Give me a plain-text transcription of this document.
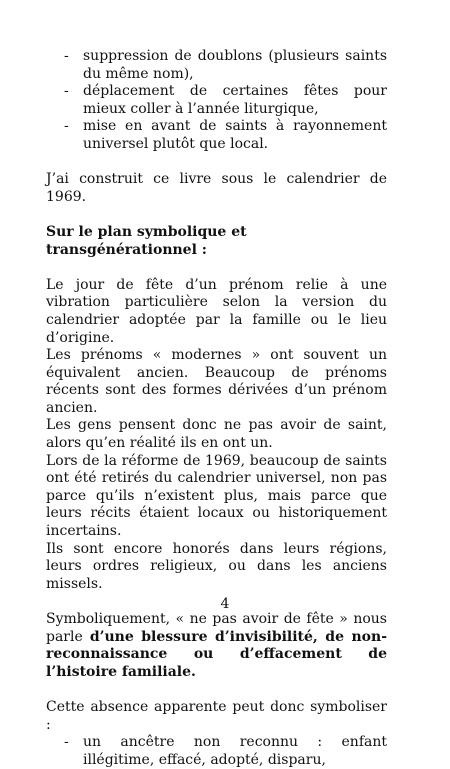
- suppression de doublons (plusieurs saints du même nom),
- déplacement de certaines fêtes pour mieux coller à l’année liturgique,
- mise en avant de saints à rayonnement universel plutôt que local.

J’ai construit ce livre sous le calendrier de 1969.

Sur le plan symbolique et transgénérationnel :

Le jour de fête d’un prénom relie à une vibration particulière selon la version du calendrier adoptée par la famille ou le lieu d’origine.

Les prénoms « modernes » ont souvent un équivalent ancien. Beaucoup de prénoms récents sont des formes dérivées d’un prénom ancien.

Les gens pensent donc ne pas avoir de saint, alors qu’en réalité ils en ont un.

Lors de la réforme de 1969, beaucoup de saints ont été retirés du calendrier universel, non pas parce qu’ils n’existent plus, mais parce que leurs récits étaient locaux ou historiquement incertains.

Ils sont encore honorés dans leurs régions, leurs ordres religieux, ou dans les anciens missels.

Symboliquement, « ne pas avoir de fête » nous parle d’une blessure d’invisibilité, de non-reconnaissance ou d’effacement de l’histoire familiale.

Cette absence apparente peut donc symboliser :

- un ancêtre non reconnu : enfant illégitime, effacé, adopté, disparu,
4
